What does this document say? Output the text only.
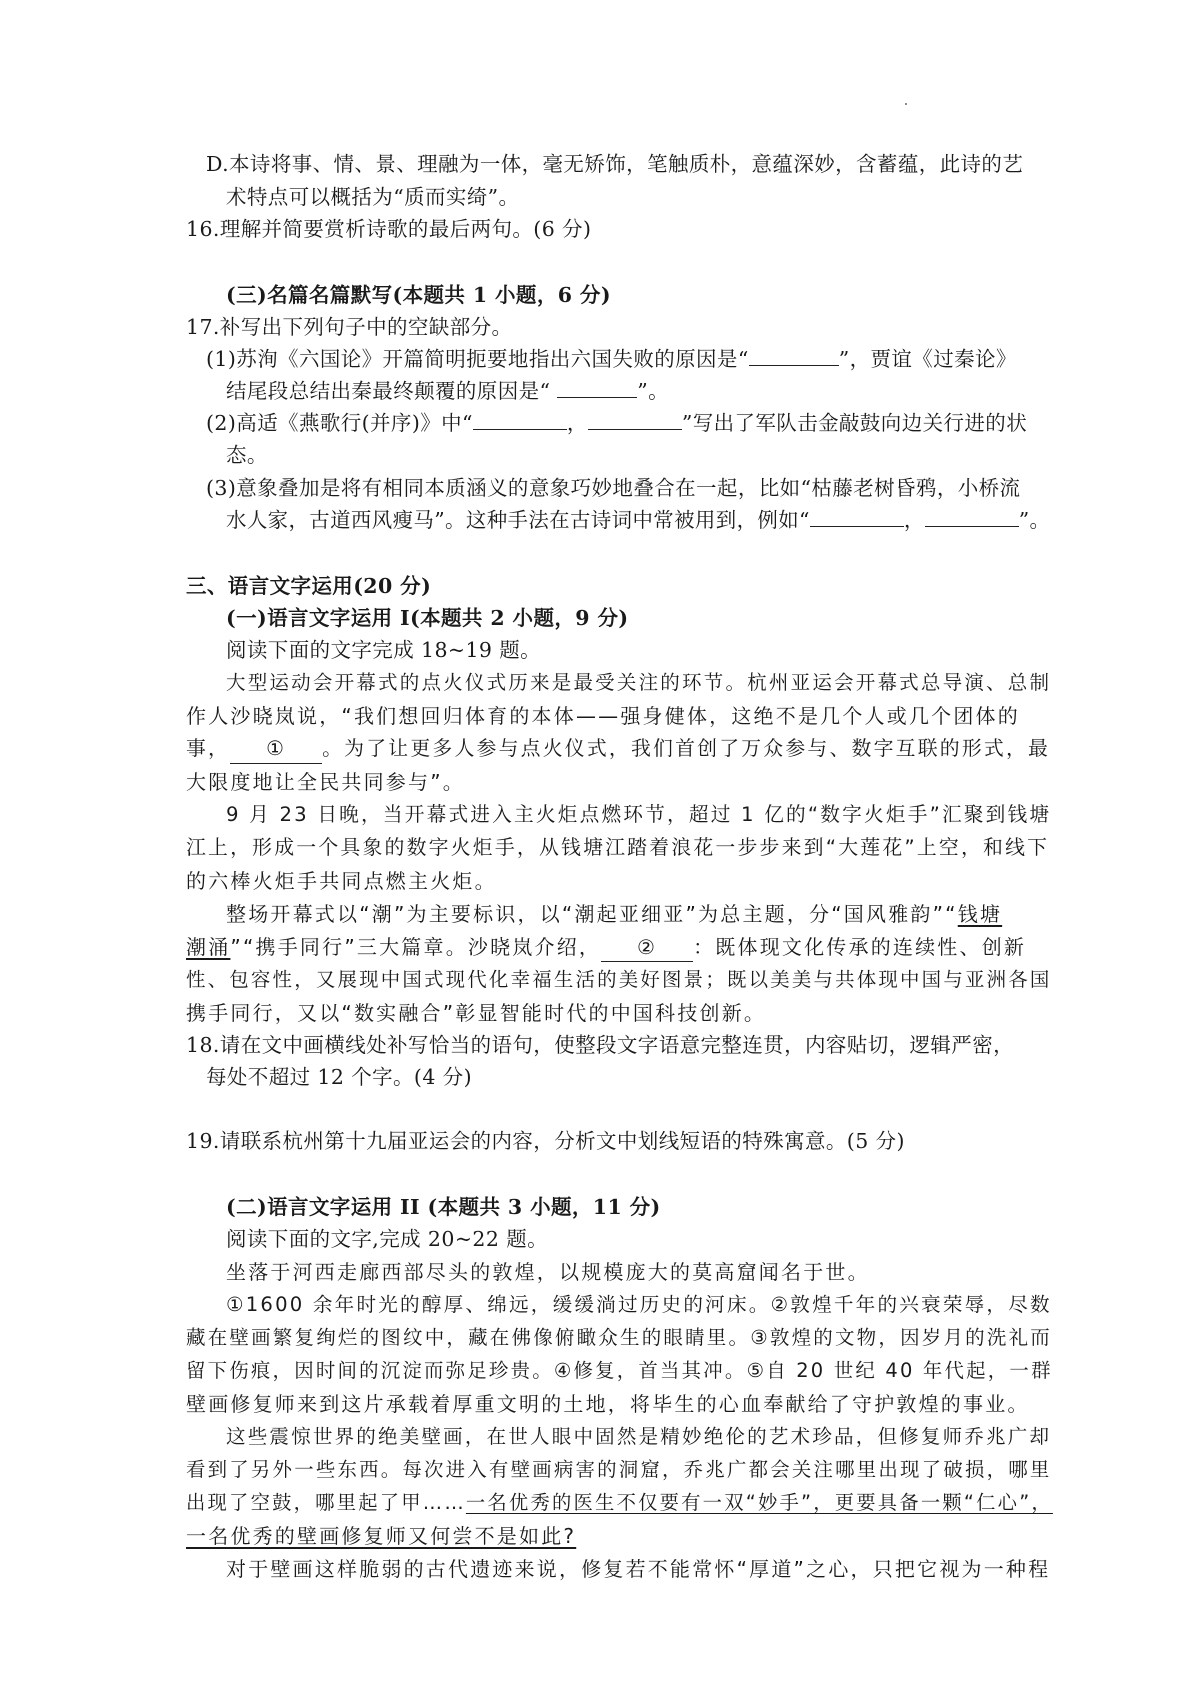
D.本诗将事、情、景、理融为一体，毫无矫饰，笔触质朴，意蕴深妙，含蓄蕴，此诗的艺
术特点可以概括为“质而实绮”。
16.理解并简要赏析诗歌的最后两句。(6 分)
(三)名篇名篇默写(本题共 1 小题，6 分)
17.补写出下列句子中的空缺部分。
(1)苏洵《六国论》开篇简明扼要地指出六国失败的原因是“	”，贾谊《过秦论》
结尾段总结出秦最终颠覆的原因是“	”。
(2)高适《燕歌行(并序)》中“	，	”写出了军队击金敲鼓向边关行进的状
态。
(3)意象叠加是将有相同本质涵义的意象巧妙地叠合在一起，比如“枯藤老树昏鸦，小桥流
水人家，古道西风瘦马”。这种手法在古诗词中常被用到，例如“	，	”。
三、语言文字运用(20 分)
(一)语言文字运用 Ⅰ(本题共 2 小题，9 分)
阅读下面的文字完成 18~19 题。
大型运动会开幕式的点火仪式历来是最受关注的环节。杭州亚运会开幕式总导演、总制
作人沙晓岚说，“我们想回归体育的本体——强身健体，这绝不是几个人或几个团体的
事， ① 。为了让更多人参与点火仪式，我们首创了万众参与、数字互联的形式，最
大限度地让全民共同参与”。
9 月 23 日晚，当开幕式进入主火炬点燃环节，超过 1 亿的“数字火炬手”汇聚到钱塘
江上，形成一个具象的数字火炬手，从钱塘江踏着浪花一步步来到“大莲花”上空，和线下
的六棒火炬手共同点燃主火炬。
整场开幕式以“潮”为主要标识，以“潮起亚细亚”为总主题，分“国风雅韵”“钱塘
潮涌”“携手同行”三大篇章。沙晓岚介绍， ② ：既体现文化传承的连续性、创新
性、包容性，又展现中国式现代化幸福生活的美好图景；既以美美与共体现中国与亚洲各国
携手同行，又以“数实融合”彰显智能时代的中国科技创新。
18.请在文中画横线处补写恰当的语句，使整段文字语意完整连贯，内容贴切，逻辑严密，
每处不超过 12 个字。(4 分)
19.请联系杭州第十九届亚运会的内容，分析文中划线短语的特殊寓意。(5 分)
(二)语言文字运用 II (本题共 3 小题，11 分)
阅读下面的文字,完成 20~22 题。
坐落于河西走廊西部尽头的敦煌，以规模庞大的莫高窟闻名于世。
①1600 余年时光的醇厚、绵远，缓缓淌过历史的河床。②敦煌千年的兴衰荣辱，尽数
藏在壁画繁复绚烂的图纹中，藏在佛像俯瞰众生的眼睛里。③敦煌的文物，因岁月的洗礼而
留下伤痕，因时间的沉淀而弥足珍贵。④修复，首当其冲。⑤自 20 世纪 40 年代起，一群
壁画修复师来到这片承载着厚重文明的土地，将毕生的心血奉献给了守护敦煌的事业。
这些震惊世界的绝美壁画，在世人眼中固然是精妙绝伦的艺术珍品，但修复师乔兆广却
看到了另外一些东西。每次进入有壁画病害的洞窟，乔兆广都会关注哪里出现了破损，哪里
出现了空鼓，哪里起了甲……一名优秀的医生不仅要有一双“妙手”，更要具备一颗“仁心”，
一名优秀的壁画修复师又何尝不是如此?
对于壁画这样脆弱的古代遗迹来说，修复若不能常怀“厚道”之心，只把它视为一种程
